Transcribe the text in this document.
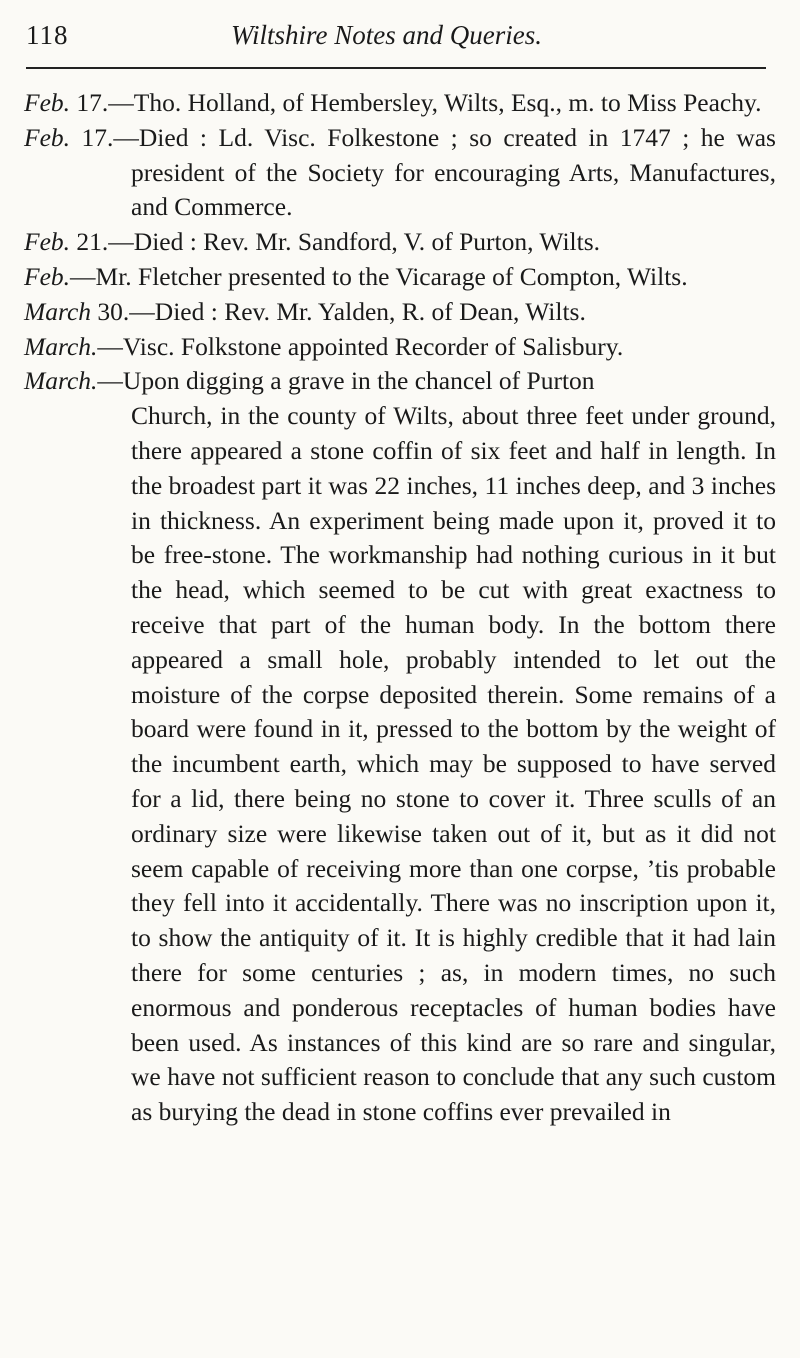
118	Wiltshire Notes and Queries.

Feb. 17.—Tho. Holland, of Hembersley, Wilts, Esq., m. to Miss Peachy.

Feb. 17.—Died : Ld. Visc. Folkestone ; so created in 1747 ; he was president of the Society for encouraging Arts, Manufactures, and Commerce.

Feb. 21.—Died : Rev. Mr. Sandford, V. of Purton, Wilts.

Feb.—Mr. Fletcher presented to the Vicarage of Compton, Wilts.

March 30.—Died : Rev. Mr. Yalden, R. of Dean, Wilts.

March.—Visc. Folkstone appointed Recorder of Salisbury.

March.—Upon digging a grave in the chancel of Purton

Church, in the county of Wilts, about three feet under ground, there appeared a stone coffin of six feet and half in length. In the broadest part it was 22 inches, 11 inches deep, and 3 inches in thickness. An experiment being made upon it, proved it to be free-stone. The workmanship had nothing curious in it but the head, which seemed to be cut with great exactness to receive that part of the human body. In the bottom there appeared a small hole, probably intended to let out the moisture of the corpse deposited therein. Some remains of a board were found in it, pressed to the bottom by the weight of the incumbent earth, which may be supposed to have served for a lid, there being no stone to cover it. Three sculls of an ordinary size were likewise taken out of it, but as it did not seem capable of receiving more than one corpse, ’tis probable they fell into it accidentally. There was no inscription upon it, to show the antiquity of it. It is highly credible that it had lain there for some centuries ; as, in modern times, no such enormous and ponderous receptacles of human bodies have been used. As instances of this kind are so rare and singular, we have not sufficient reason to conclude that any such custom as burying the dead in stone coffins ever prevailed in
